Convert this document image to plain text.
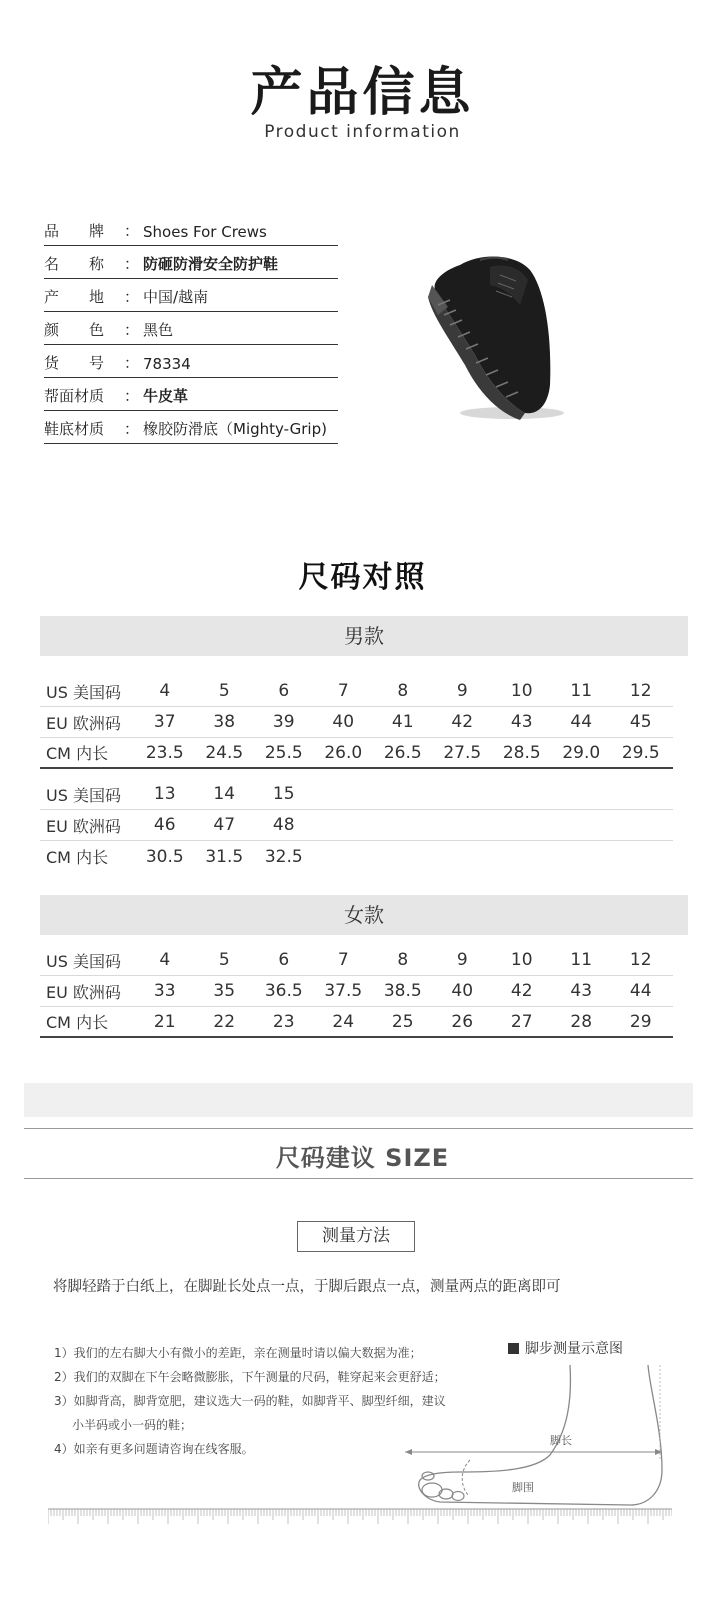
产品信息
Product information
品　　牌	： Shoes For Crews
名　　称	： 防砸防滑安全防护鞋
产　　地	： 中国/越南
颜　　色	： 黑色
货　　号	： 78334
帮面材质	： 牛皮革
鞋底材质	： 橡胶防滑底（Mighty-Grip)
尺码对照
男款
US 美国码	4	5	6	7	8	9	10	11	12
EU 欧洲码	37	38	39	40	41	42	43	44	45
CM 内长	23.5	24.5	25.5	26.0	26.5	27.5	28.5	29.0	29.5
US 美国码	13	14	15
EU 欧洲码	46	47	48
CM 内长	30.5	31.5	32.5
女款
US 美国码	4	5	6	7	8	9	10	11	12
EU 欧洲码	33	35	36.5	37.5	38.5	40	42	43	44
CM 内长	21	22	23	24	25	26	27	28	29
尺码建议 SIZE
测量方法
将脚轻踏于白纸上，在脚趾长处点一点，于脚后跟点一点，测量两点的距离即可
1）我们的左右脚大小有微小的差距，亲在测量时请以偏大数据为准；
2）我们的双脚在下午会略微膨胀，下午测量的尺码，鞋穿起来会更舒适；
3）如脚背高，脚背宽肥，建议选大一码的鞋，如脚背平、脚型纤细，建议
小半码或小一码的鞋；
4）如亲有更多问题请咨询在线客服。
脚步测量示意图
脚长
脚围
